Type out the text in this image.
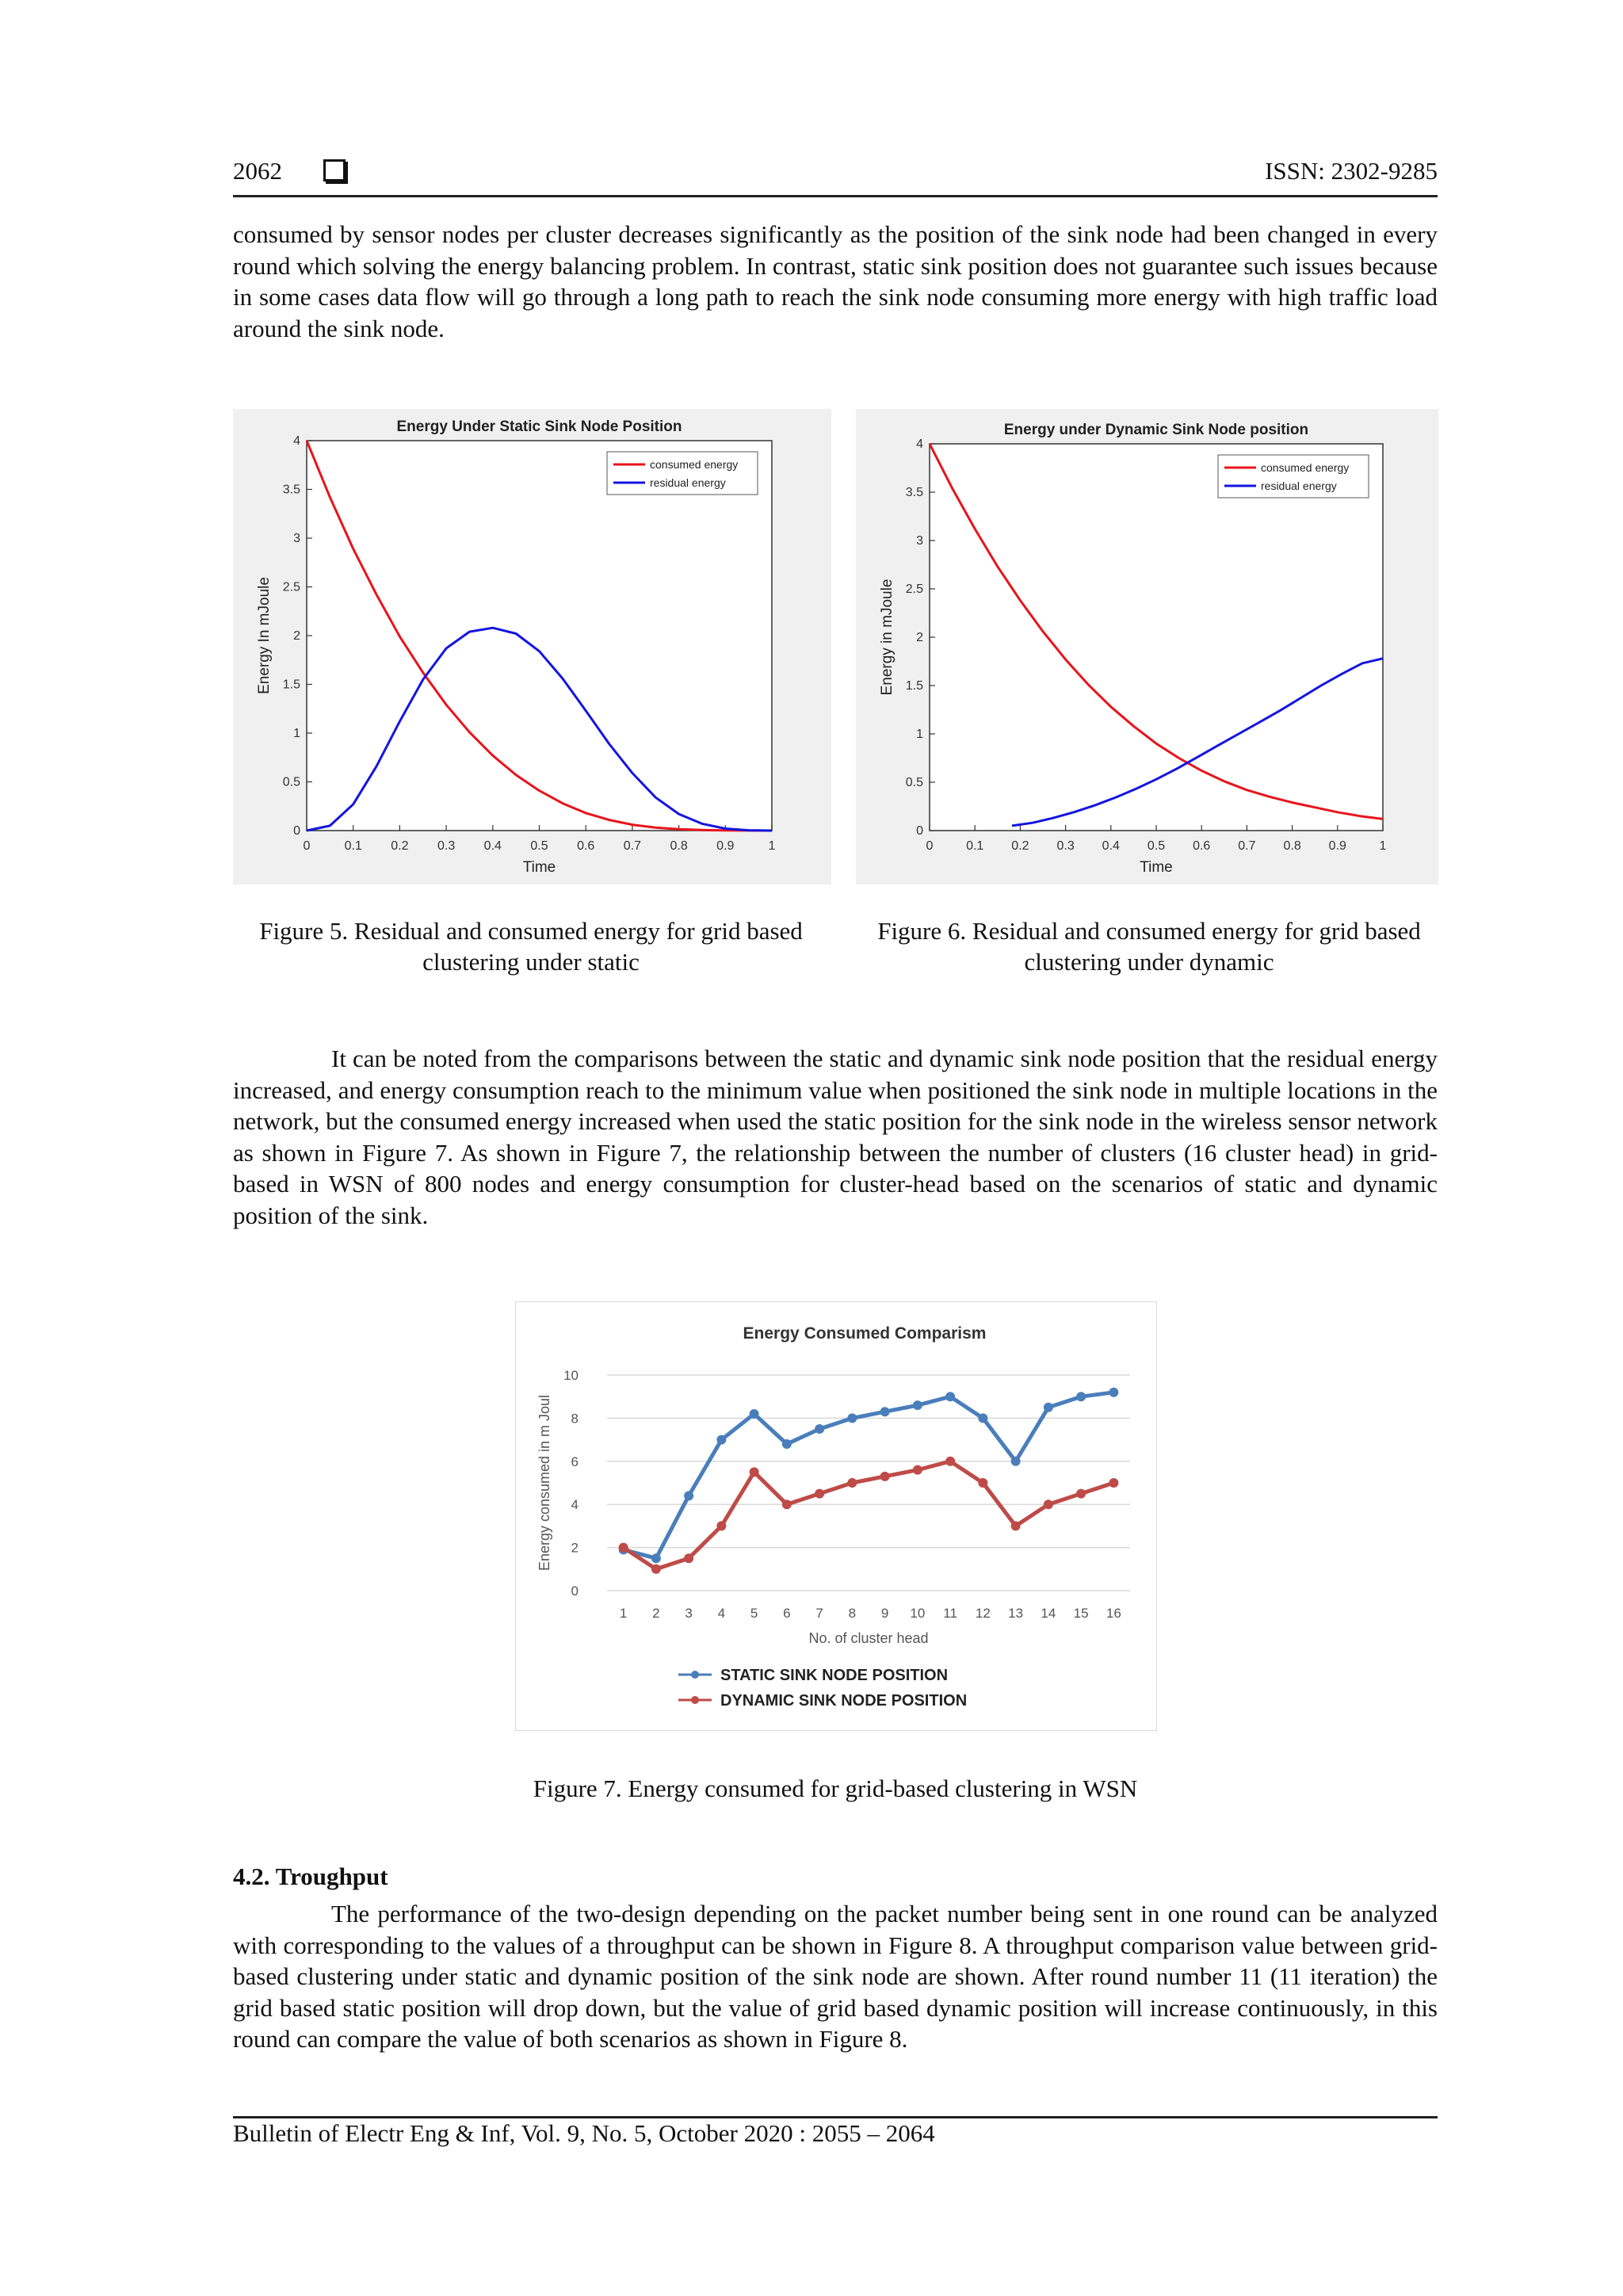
2062	ISSN: 2302-9285

consumed by sensor nodes per cluster decreases significantly as the position of the sink node had been changed in every round which solving the energy balancing problem. In contrast, static sink position does not guarantee such issues because in some cases data flow will go through a long path to reach the sink node consuming more energy with high traffic load around the sink node.

Energy Under Static Sink Node Position
0	0.1 0.2 0.3 0.4 0.5 0.6 0.7 0.8 0.9	1
0
0.5
1
1.5
2
2.5
3
3.5
4
Time
Energy In mJoule
consumed energy
residual energy
Energy under Dynamic Sink Node position
0	0.1 0.2 0.3 0.4 0.5 0.6 0.7 0.8 0.9	1
0
0.5
1
1.5
2
2.5
3
3.5
4
Time
Energy in mJoule
consumed energy
residual energy
Figure 5. Residual and consumed energy for grid based clustering under static
Figure 6. Residual and consumed energy for grid based clustering under dynamic

It can be noted from the comparisons between the static and dynamic sink node position that the residual energy increased, and energy consumption reach to the minimum value when positioned the sink node in multiple locations in the network, but the consumed energy increased when used the static position for the sink node in the wireless sensor network as shown in Figure 7. As shown in Figure 7, the relationship between the number of clusters (16 cluster head) in grid-based in WSN of 800 nodes and energy consumption for cluster-head based on the scenarios of static and dynamic position of the sink.

Energy Consumed Comparism
0
2
4
6
8
10
1 2 3 4 5 6 7 8 9 10 11 12 13 14 15 16
No. of cluster head
Energy consumed in m Joul
STATIC SINK NODE POSITION
DYNAMIC SINK NODE POSITION
Figure 7. Energy consumed for grid-based clustering in WSN
4.2. Troughput

The performance of the two-design depending on the packet number being sent in one round can be analyzed with corresponding to the values of a throughput can be shown in Figure 8. A throughput comparison value between grid-based clustering under static and dynamic position of the sink node are shown. After round number 11 (11 iteration) the grid based static position will drop down, but the value of grid based dynamic position will increase continuously, in this round can compare the value of both scenarios as shown in Figure 8.

Bulletin of Electr Eng & Inf, Vol. 9, No. 5, October 2020 : 2055 – 2064
